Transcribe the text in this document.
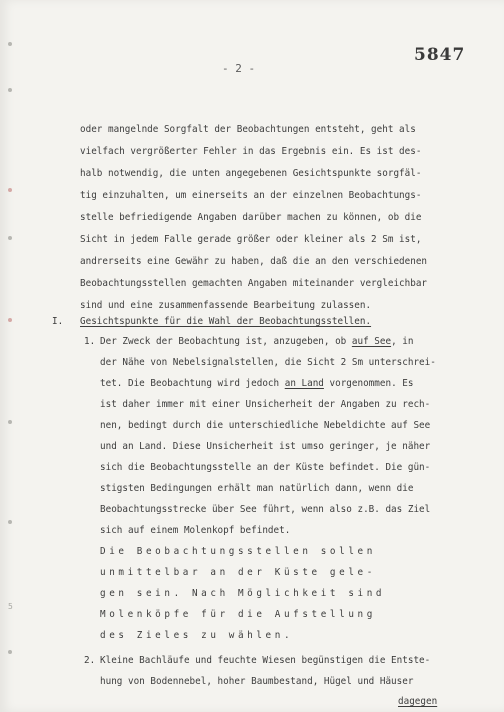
5
5847
- 2 -
oder mangelnde Sorgfalt der Beobachtungen entsteht, geht als
vielfach vergrößerter Fehler in das Ergebnis ein. Es ist des-
halb notwendig, die unten angegebenen Gesichtspunkte sorgfäl-
tig einzuhalten, um einerseits an der einzelnen Beobachtungs-
stelle befriedigende Angaben darüber machen zu können, ob die
Sicht in jedem Falle gerade größer oder kleiner als 2 Sm ist,
andrerseits eine Gewähr zu haben, daß die an den verschiedenen
Beobachtungsstellen gemachten Angaben miteinander vergleichbar
sind und eine zusammenfassende Bearbeitung zulassen.
I. Gesichtspunkte für die Wahl der Beobachtungsstellen.
1. Der Zweck der Beobachtung ist, anzugeben, ob auf See, in
der Nähe von Nebelsignalstellen, die Sicht 2 Sm unterschrei-
tet. Die Beobachtung wird jedoch an Land vorgenommen. Es
ist daher immer mit einer Unsicherheit der Angaben zu rech-
nen, bedingt durch die unterschiedliche Nebeldichte auf See
und an Land. Diese Unsicherheit ist umso geringer, je näher
sich die Beobachtungsstelle an der Küste befindet. Die gün-
stigsten Bedingungen erhält man natürlich dann, wenn die
Beobachtungsstrecke über See führt, wenn also z.B. das Ziel
sich auf einem Molenkopf befindet.
Die Beobachtungsstellen sollen
unmittelbar an der Küste gele-
gen sein. Nach Möglichkeit sind
Molenköpfe für die Aufstellung
des Zieles zu wählen.
2. Kleine Bachläufe und feuchte Wiesen begünstigen die Entste-
hung von Bodennebel, hoher Baumbestand, Hügel und Häuser
dagegen
